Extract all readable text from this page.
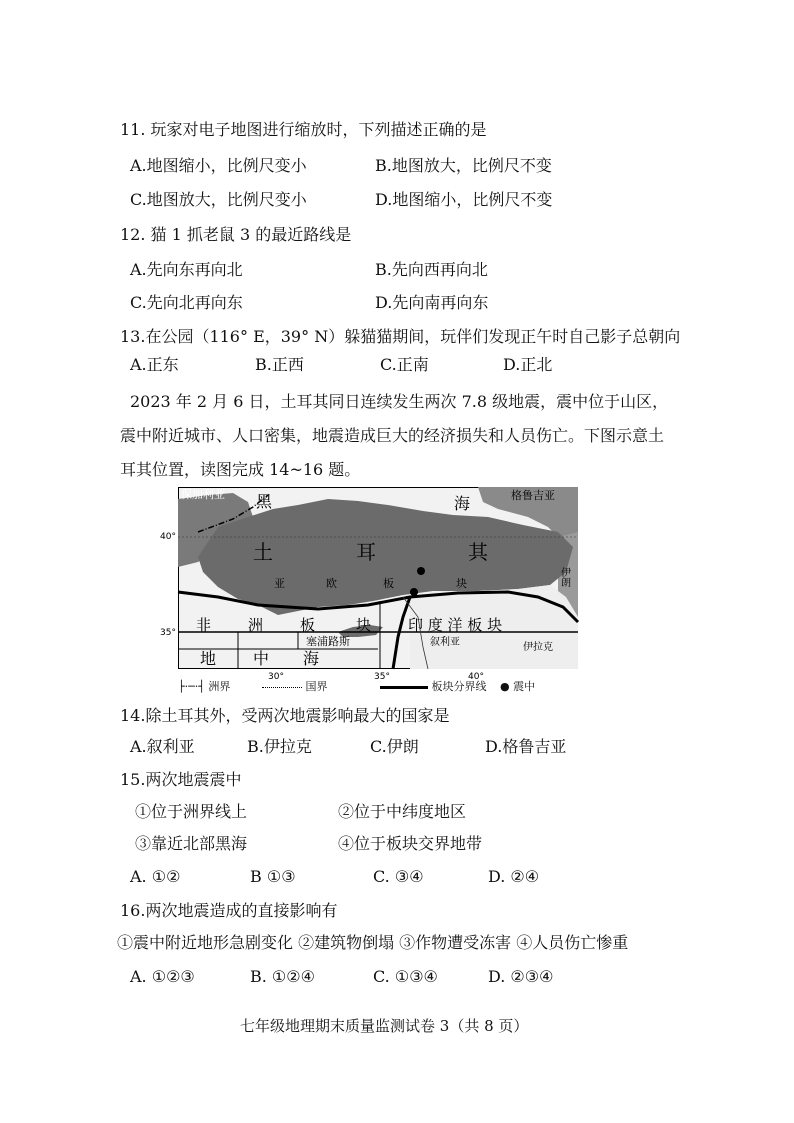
11. 玩家对电子地图进行缩放时，下列描述正确的是
A.地图缩小，比例尺变小	B.地图放大，比例尺不变
C.地图放大，比例尺变小	D.地图缩小，比例尺不变
12. 猫 1 抓老鼠 3 的最近路线是
A.先向东再向北	B.先向西再向北
C.先向北再向东	D.先向南再向东
13.在公园（116° E，39° N）躲猫猫期间，玩伴们发现正午时自己影子总朝向
A.正东	B.正西	C.正南	D.正北
2023 年 2 月 6 日，土耳其同日连续发生两次 7.8 级地震，震中位于山区，
震中附近城市、人口密集，地震造成巨大的经济损失和人员伤亡。下图示意土
耳其位置，读图完成 14~16 题。
保加利亚 黑	海	格鲁吉亚
伊朗
土	耳	其
亚	欧	板	块
非 洲 板	块
塞浦路斯
印 度 洋 板 块
叙利亚	伊拉克
地 中 海
40°
35°
30°	35°	40°
├·─·┤ 洲界	国界	板块分界线 ● 震中
14.除土耳其外，受两次地震影响最大的国家是
A.叙利亚	B.伊拉克	C.伊朗	D.格鲁吉亚
15.两次地震震中
①位于洲界线上	②位于中纬度地区
③靠近北部黑海	④位于板块交界地带
A. ①②	B ①③	C. ③④	D. ②④
16.两次地震造成的直接影响有
①震中附近地形急剧变化 ②建筑物倒塌 ③作物遭受冻害 ④人员伤亡惨重
A. ①②③	B. ①②④	C. ①③④	D. ②③④
七年级地理期末质量监测试卷 3（共 8 页）
